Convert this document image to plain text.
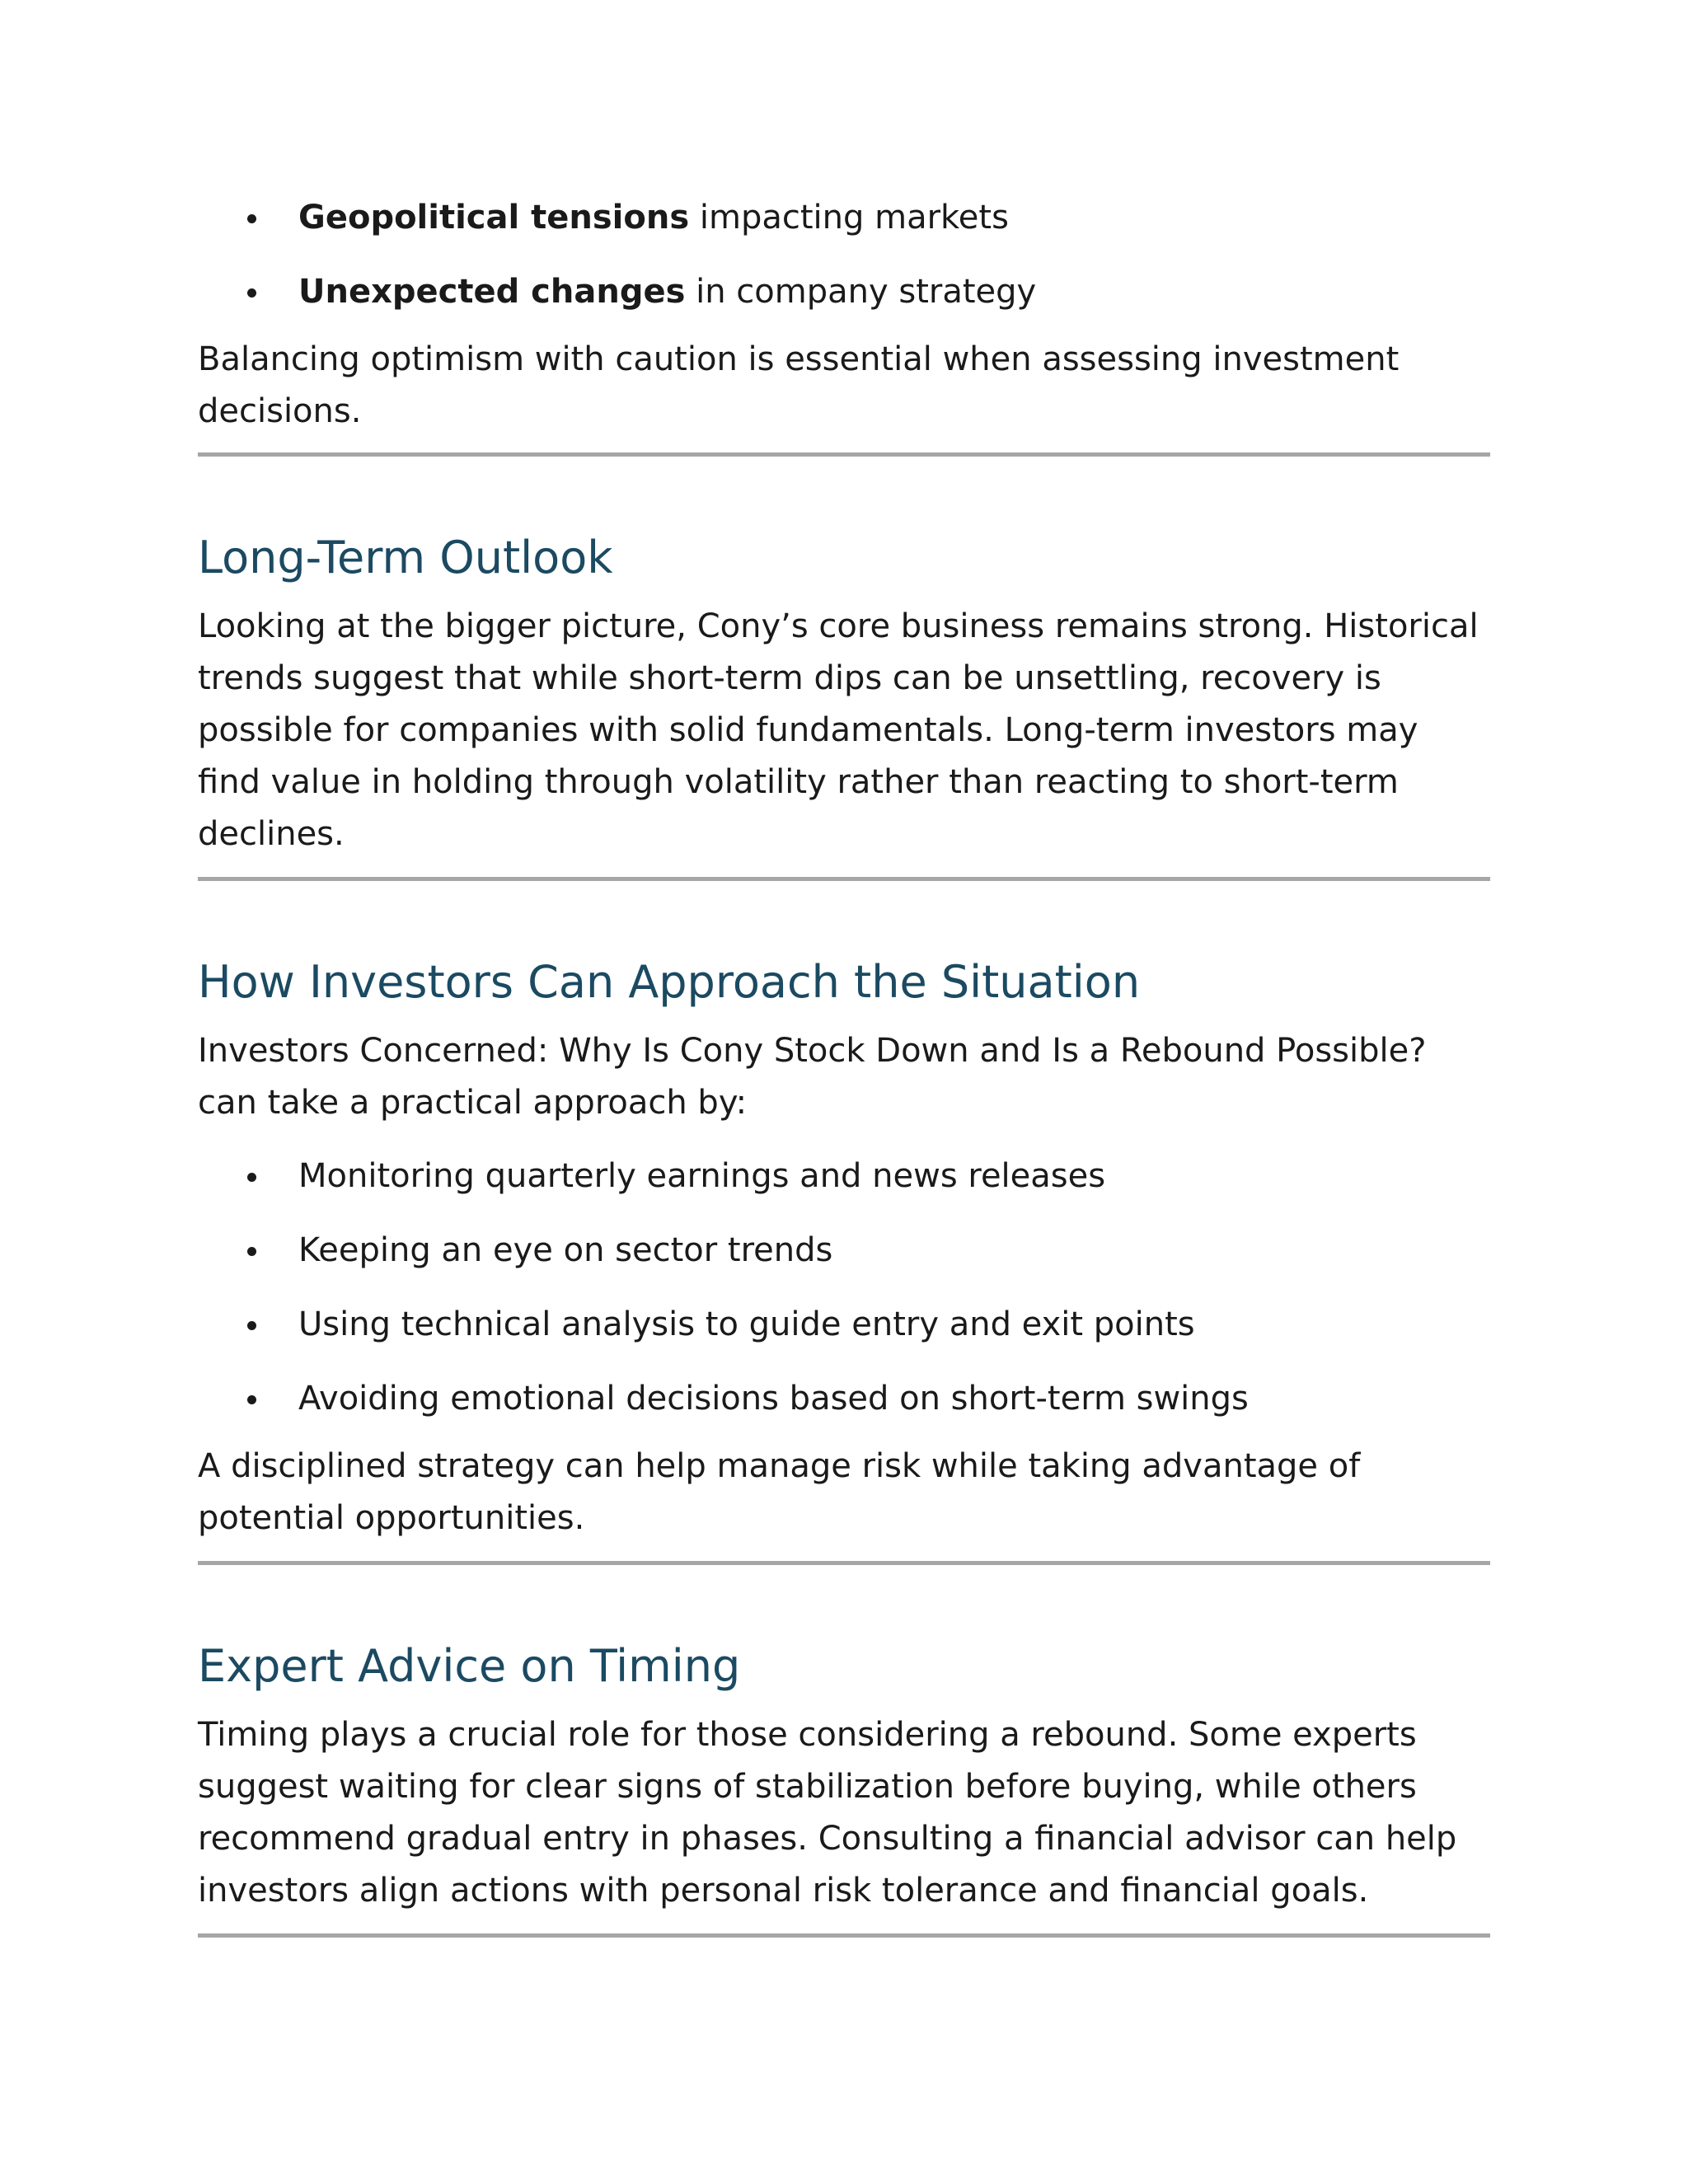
Geopolitical tensions impacting markets
Unexpected changes in company strategy

Balancing optimism with caution is essential when assessing investment decisions.

Long-Term Outlook

Looking at the bigger picture, Cony’s core business remains strong. Historical trends suggest that while short-term dips can be unsettling, recovery is possible for companies with solid fundamentals. Long-term investors may find value in holding through volatility rather than reacting to short-term declines.

How Investors Can Approach the Situation

Investors Concerned: Why Is Cony Stock Down and Is a Rebound Possible? can take a practical approach by:

Monitoring quarterly earnings and news releases
Keeping an eye on sector trends
Using technical analysis to guide entry and exit points
Avoiding emotional decisions based on short-term swings

A disciplined strategy can help manage risk while taking advantage of potential opportunities.

Expert Advice on Timing

Timing plays a crucial role for those considering a rebound. Some experts suggest waiting for clear signs of stabilization before buying, while others recommend gradual entry in phases. Consulting a financial advisor can help investors align actions with personal risk tolerance and financial goals.
